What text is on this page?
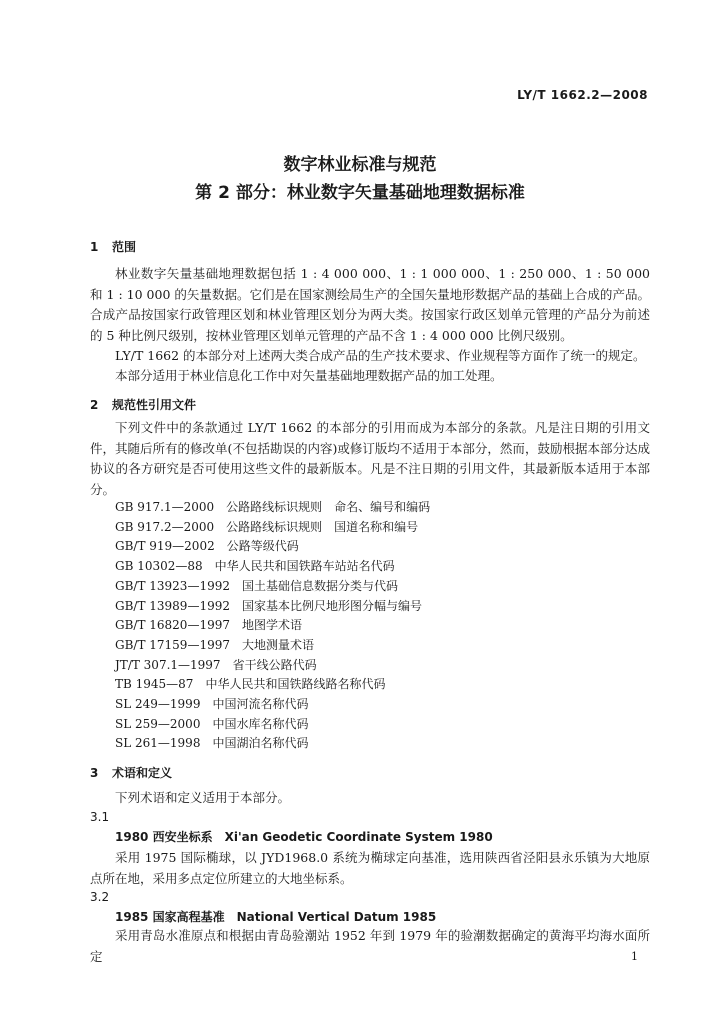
LY/T 1662.2—2008
数字林业标准与规范
第 2 部分：林业数字矢量基础地理数据标准
1 范围
林业数字矢量基础地理数据包括 1 : 4 000 000、1 : 1 000 000、1 : 250 000、1 : 50 000 和 1 : 10 000 的矢量数据。它们是在国家测绘局生产的全国矢量地形数据产品的基础上合成的产品。合成产品按国家行政管理区划和林业管理区划分为两大类。按国家行政区划单元管理的产品分为前述的 5 种比例尺级别，按林业管理区划单元管理的产品不含 1 : 4 000 000 比例尺级别。
LY/T 1662 的本部分对上述两大类合成产品的生产技术要求、作业规程等方面作了统一的规定。
本部分适用于林业信息化工作中对矢量基础地理数据产品的加工处理。
2 规范性引用文件
下列文件中的条款通过 LY/T 1662 的本部分的引用而成为本部分的条款。凡是注日期的引用文件，其随后所有的修改单(不包括勘误的内容)或修订版均不适用于本部分，然而，鼓励根据本部分达成协议的各方研究是否可使用这些文件的最新版本。凡是不注日期的引用文件，其最新版本适用于本部分。
GB 917.1—2000 公路路线标识规则　命名、编号和编码
GB 917.2—2000 公路路线标识规则　国道名称和编号
GB/T 919—2002 公路等级代码
GB 10302—88 中华人民共和国铁路车站站名代码
GB/T 13923—1992 国土基础信息数据分类与代码
GB/T 13989—1992 国家基本比例尺地形图分幅与编号
GB/T 16820—1997 地图学术语
GB/T 17159—1997 大地测量术语
JT/T 307.1—1997 省干线公路代码
TB 1945—87 中华人民共和国铁路线路名称代码
SL 249—1999 中国河流名称代码
SL 259—2000 中国水库名称代码
SL 261—1998 中国湖泊名称代码
3 术语和定义
下列术语和定义适用于本部分。
3.1
1980 西安坐标系 Xi'an Geodetic Coordinate System 1980
采用 1975 国际椭球，以 JYD1968.0 系统为椭球定向基准，选用陕西省泾阳县永乐镇为大地原点所在地，采用多点定位所建立的大地坐标系。
3.2
1985 国家高程基准 National Vertical Datum 1985
采用青岛水准原点和根据由青岛验潮站 1952 年到 1979 年的验潮数据确定的黄海平均海水面所定	1
